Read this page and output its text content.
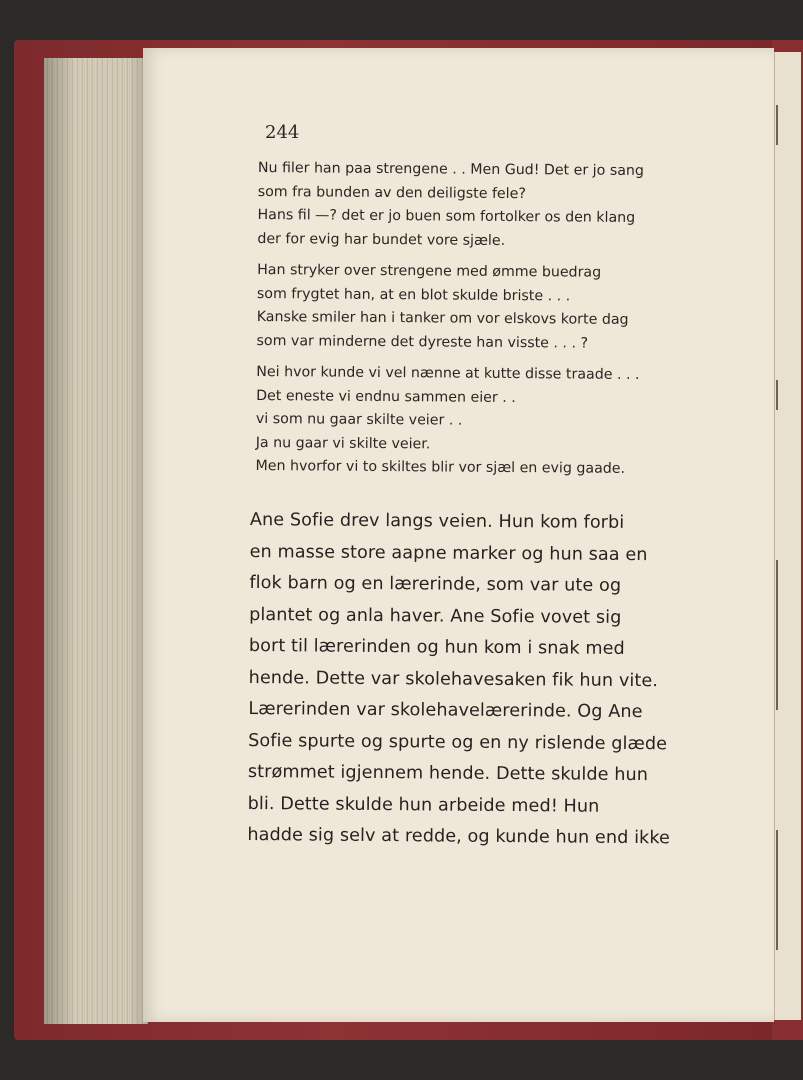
244
Nu filer han paa strengene . . Men Gud! Det er jo sang
som fra bunden av den deiligste fele?
Hans fil —? det er jo buen som fortolker os den klang
der for evig har bundet vore sjæle.
Han stryker over strengene med ømme buedrag
som frygtet han, at en blot skulde briste . . .
Kanske smiler han i tanker om vor elskovs korte dag
som var minderne det dyreste han visste . . . ?
Nei hvor kunde vi vel nænne at kutte disse traade . . .
Det eneste vi endnu sammen eier . .
vi som nu gaar skilte veier . .
Ja nu gaar vi skilte veier.
Men hvorfor vi to skiltes blir vor sjæl en evig gaade.
Ane Sofie drev langs veien. Hun kom forbi
en masse store aapne marker og hun saa en
flok barn og en lærerinde, som var ute og
plantet og anla haver. Ane Sofie vovet sig
bort til lærerinden og hun kom i snak med
hende. Dette var skolehavesaken fik hun vite.
Lærerinden var skolehavelærerinde. Og Ane
Sofie spurte og spurte og en ny rislende glæde
strømmet igjennem hende. Dette skulde hun
bli. Dette skulde hun arbeide med! Hun
hadde sig selv at redde, og kunde hun end ikke
